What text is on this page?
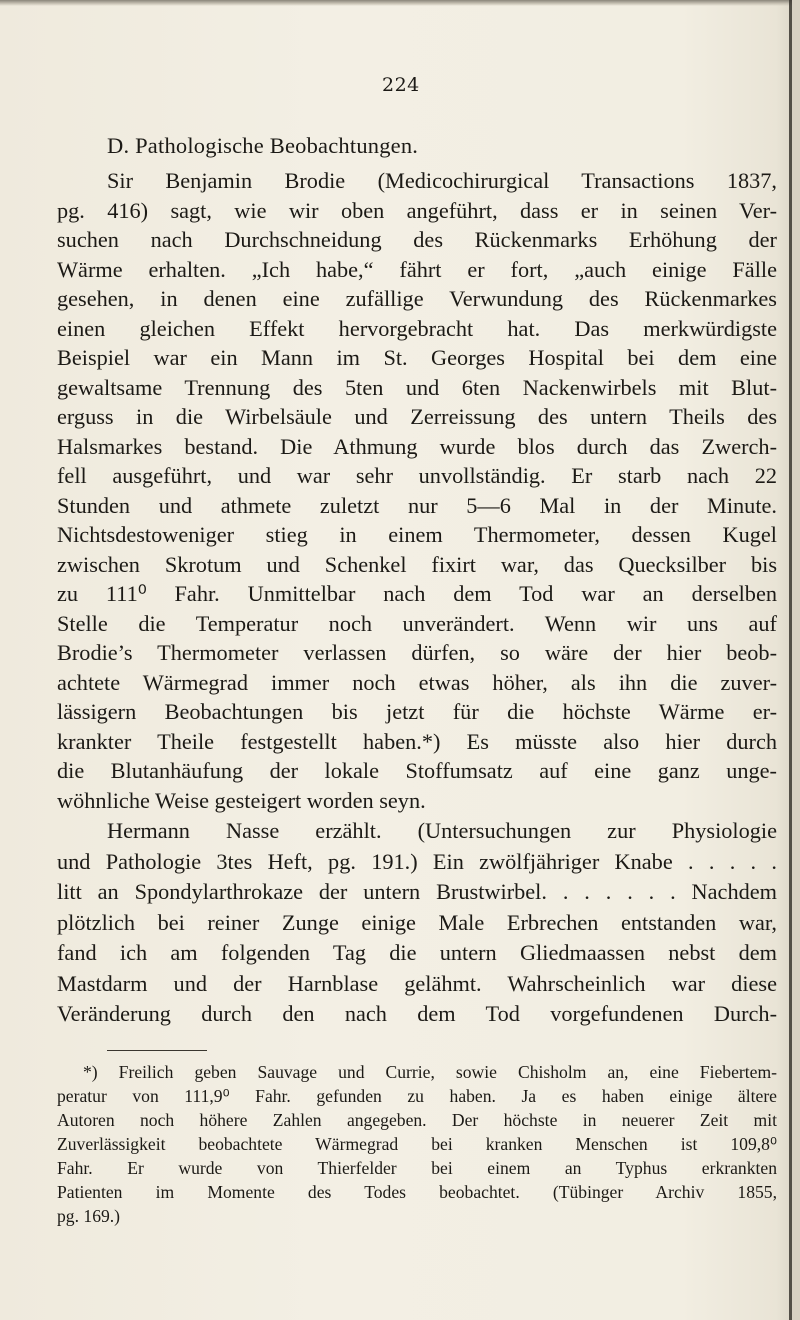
224
D. Pathologische Beobachtungen.
Sir Benjamin Brodie (Medicochirurgical Transactions 1837,
pg. 416) sagt, wie wir oben angeführt, dass er in seinen Ver-
suchen nach Durchschneidung des Rückenmarks Erhöhung der
Wärme erhalten. „Ich habe,“ fährt er fort, „auch einige Fälle
gesehen, in denen eine zufällige Verwundung des Rückenmarkes
einen gleichen Effekt hervorgebracht hat. Das merkwürdigste
Beispiel war ein Mann im St. Georges Hospital bei dem eine
gewaltsame Trennung des 5ten und 6ten Nackenwirbels mit Blut-
erguss in die Wirbelsäule und Zerreissung des untern Theils des
Halsmarkes bestand. Die Athmung wurde blos durch das Zwerch-
fell ausgeführt, und war sehr unvollständig. Er starb nach 22
Stunden und athmete zuletzt nur 5—6 Mal in der Minute.
Nichtsdestoweniger stieg in einem Thermometer, dessen Kugel
zwischen Skrotum und Schenkel fixirt war, das Quecksilber bis
zu 111⁰ Fahr. Unmittelbar nach dem Tod war an derselben
Stelle die Temperatur noch unverändert. Wenn wir uns auf
Brodie’s Thermometer verlassen dürfen, so wäre der hier beob-
achtete Wärmegrad immer noch etwas höher, als ihn die zuver-
lässigern Beobachtungen bis jetzt für die höchste Wärme er-
krankter Theile festgestellt haben.*) Es müsste also hier durch
die Blutanhäufung der lokale Stoffumsatz auf eine ganz unge-
wöhnliche Weise gesteigert worden seyn.
Hermann Nasse erzählt. (Untersuchungen zur Physiologie
und Pathologie 3tes Heft, pg. 191.) Ein zwölfjähriger Knabe . . . . .
litt an Spondylarthrokaze der untern Brustwirbel. . . . . . . Nachdem
plötzlich bei reiner Zunge einige Male Erbrechen entstanden war,
fand ich am folgenden Tag die untern Gliedmaassen nebst dem
Mastdarm und der Harnblase gelähmt. Wahrscheinlich war diese
Veränderung durch den nach dem Tod vorgefundenen Durch-
*) Freilich geben Sauvage und Currie, sowie Chisholm an, eine Fiebertem-
peratur von 111,9⁰ Fahr. gefunden zu haben. Ja es haben einige ältere
Autoren noch höhere Zahlen angegeben. Der höchste in neuerer Zeit mit
Zuverlässigkeit beobachtete Wärmegrad bei kranken Menschen ist 109,8⁰
Fahr. Er wurde von Thierfelder bei einem an Typhus erkrankten
Patienten im Momente des Todes beobachtet. (Tübinger Archiv 1855,
pg. 169.)
